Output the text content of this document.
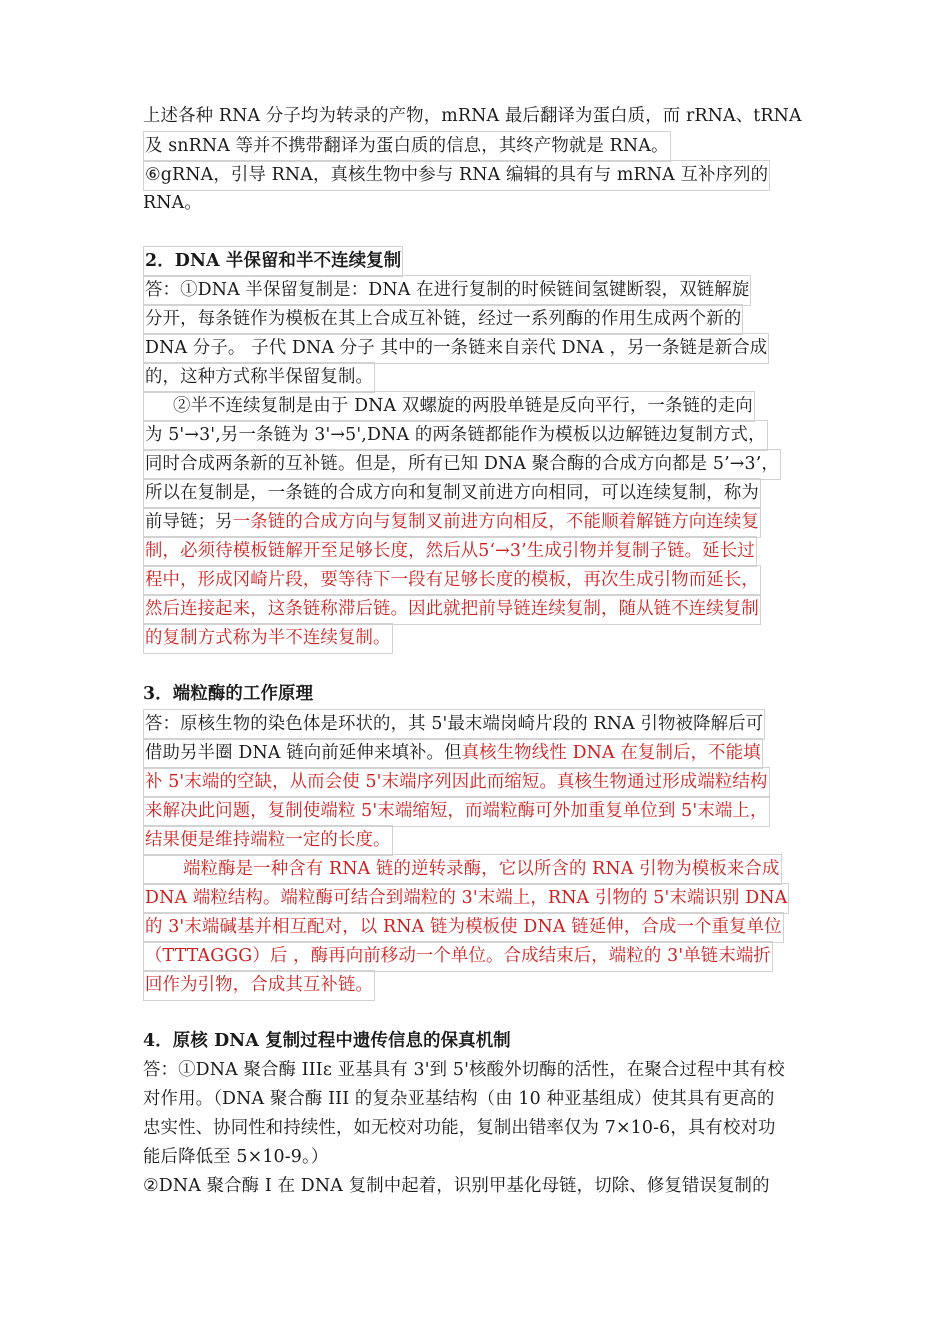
上述各种 RNA 分子均为转录的产物，mRNA 最后翻译为蛋白质，而 rRNA、tRNA
及 snRNA 等并不携带翻译为蛋白质的信息，其终产物就是 RNA。
⑥gRNA，引导 RNA，真核生物中参与 RNA 编辑的具有与 mRNA 互补序列的
RNA。
2．DNA 半保留和半不连续复制
答：①DNA 半保留复制是：DNA 在进行复制的时候链间氢键断裂，双链解旋
分开，每条链作为模板在其上合成互补链，经过一系列酶的作用生成两个新的
DNA 分子。 子代 DNA 分子 其中的一条链来自亲代 DNA ，另一条链是新合成
的，这种方式称半保留复制。
②半不连续复制是由于 DNA 双螺旋的两股单链是反向平行，一条链的走向
为 5'→3',另一条链为 3'→5',DNA 的两条链都能作为模板以边解链边复制方式，
同时合成两条新的互补链。但是，所有已知 DNA 聚合酶的合成方向都是 5’→3’，
所以在复制是，一条链的合成方向和复制叉前进方向相同，可以连续复制，称为
前导链；另一条链的合成方向与复制叉前进方向相反，不能顺着解链方向连续复
制，必须待模板链解开至足够长度，然后从5‘→3’生成引物并复制子链。延长过
程中，形成冈崎片段，要等待下一段有足够长度的模板，再次生成引物而延长，
然后连接起来，这条链称滞后链。因此就把前导链连续复制，随从链不连续复制
的复制方式称为半不连续复制。
3．端粒酶的工作原理
答：原核生物的染色体是环状的，其 5'最末端岗崎片段的 RNA 引物被降解后可
借助另半圈 DNA 链向前延伸来填补。但真核生物线性 DNA 在复制后，不能填
补 5'末端的空缺，从而会使 5'末端序列因此而缩短。真核生物通过形成端粒结构
来解决此问题，复制使端粒 5'末端缩短，而端粒酶可外加重复单位到 5'末端上，
结果便是维持端粒一定的长度。
端粒酶是一种含有 RNA 链的逆转录酶，它以所含的 RNA 引物为模板来合成
DNA 端粒结构。端粒酶可结合到端粒的 3'末端上，RNA 引物的 5'末端识别 DNA
的 3'末端碱基并相互配对，以 RNA 链为模板使 DNA 链延伸，合成一个重复单位
（TTTAGGG）后 ，酶再向前移动一个单位。合成结束后，端粒的 3'单链末端折
回作为引物，合成其互补链。
4．原核 DNA 复制过程中遗传信息的保真机制
答：①DNA 聚合酶 IIIε 亚基具有 3'到 5'核酸外切酶的活性，在聚合过程中其有校
对作用。（DNA 聚合酶 III 的复杂亚基结构（由 10 种亚基组成）使其具有更高的
忠实性、协同性和持续性，如无校对功能，复制出错率仅为 7×10-6，具有校对功
能后降低至 5×10-9。）
②DNA 聚合酶 I 在 DNA 复制中起着，识别甲基化母链，切除、修复错误复制的
